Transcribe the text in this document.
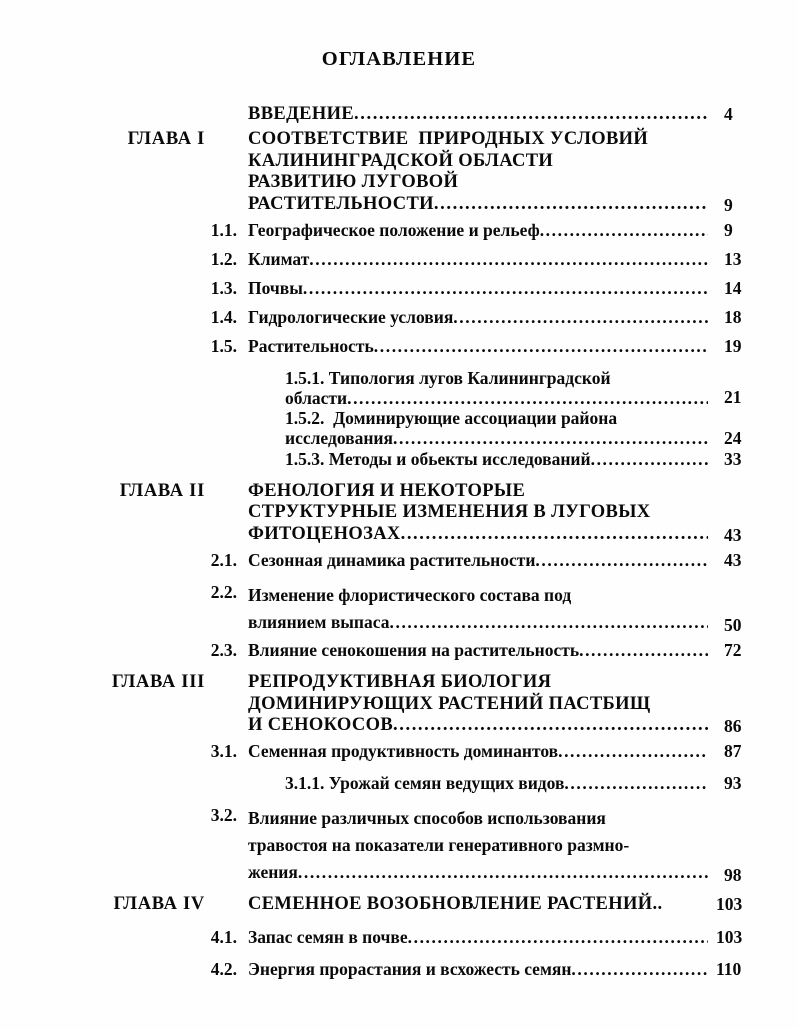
ОГЛАВЛЕНИЕ
ВВЕДЕНИЕ .....	4
ГЛАВА I СООТВЕТСТВИЕ  ПРИРОДНЫХ УСЛОВИЙ
КАЛИНИНГРАДСКОЙ ОБЛАСТИ
РАЗВИТИЮ ЛУГОВОЙ
РАСТИТЕЛЬНОСТИ .....	9
1.1. Географическое положение и рельеф .....	9
1.2. Климат .....	13
1.3. Почвы .....	14
1.4. Гидрологические условия .....	18
1.5. Растительность .....	19
1.5.1. Типология лугов Калининградской
области .....	21
1.5.2.  Доминирующие ассоциации района
исследования .....	24
1.5.3. Методы и обьекты исследований .....	33
ГЛАВА II ФЕНОЛОГИЯ И НЕКОТОРЫЕ
СТРУКТУРНЫЕ ИЗМЕНЕНИЯ В ЛУГОВЫХ
ФИТОЦЕНОЗАХ .....	43
2.1. Сезонная динамика растительности .....	43
2.2. Изменение флористического состава под
влиянием выпаса .....	50
2.3. Влияние сенокошения на растительность .....	72
ГЛАВА III РЕПРОДУКТИВНАЯ БИОЛОГИЯ
ДОМИНИРУЮЩИХ РАСТЕНИЙ ПАСТБИЩ
И СЕНОКОСОВ .....	86
3.1. Семенная продуктивность доминантов .....	87
3.1.1. Урожай семян ведущих видов .....	93
3.2. Влияние различных способов использования
травостоя на показатели генеративного размно-
жения .....	98
ГЛАВА IV СЕМЕННОЕ ВОЗОБНОВЛЕНИЕ РАСТЕНИЙ..	103
4.1. Запас семян в почве .....	103
4.2. Энергия прорастания и всхожесть семян .....	110
